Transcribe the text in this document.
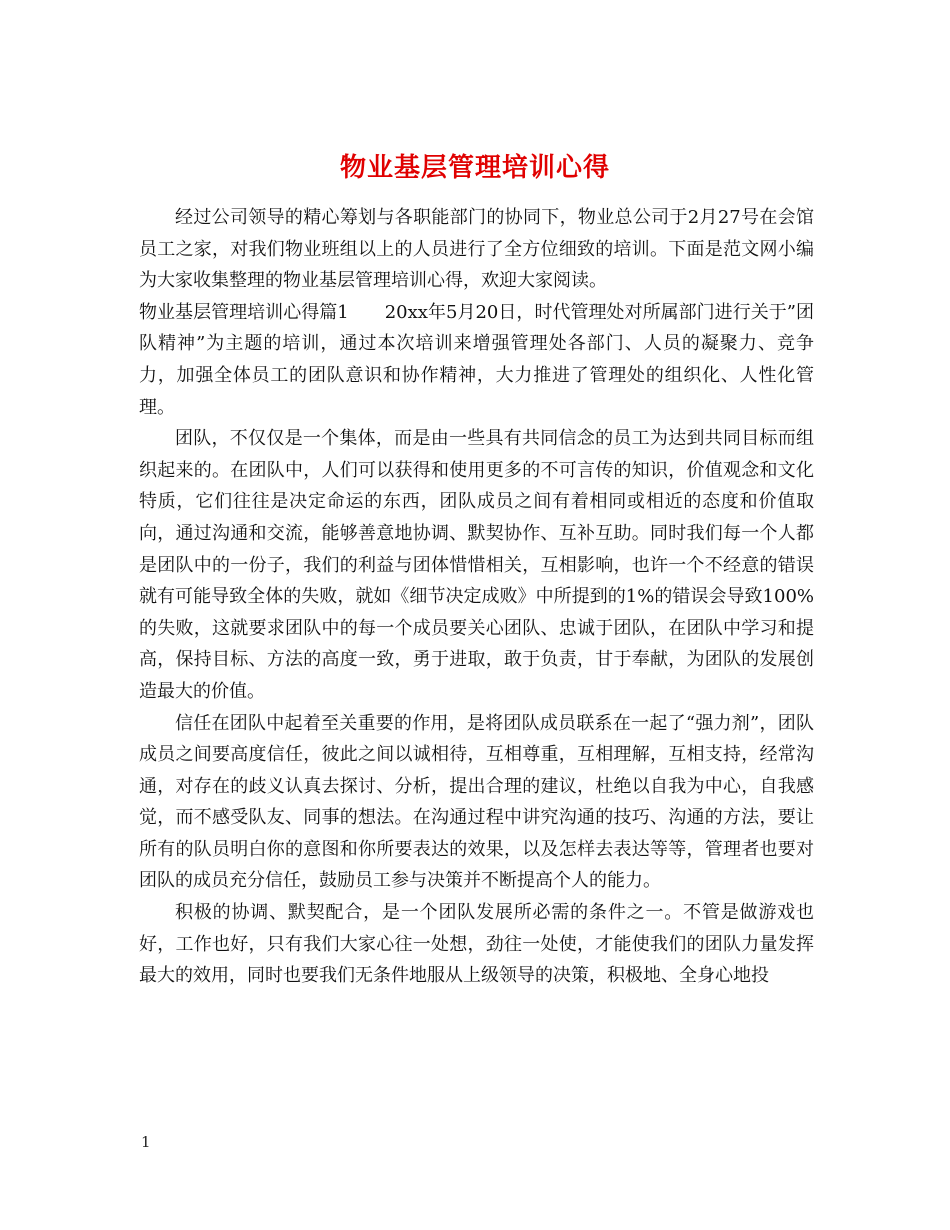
物业基层管理培训心得

经过公司领导的精心筹划与各职能部门的协同下，物业总公司于2月27号在会馆员工之家，对我们物业班组以上的人员进行了全方位细致的培训。下面是范文网小编为大家收集整理的物业基层管理培训心得，欢迎大家阅读。

物业基层管理培训心得篇1 20xx年5月20日，时代管理处对所属部门进行关于”团队精神”为主题的培训，通过本次培训来增强管理处各部门、人员的凝聚力、竞争力，加强全体员工的团队意识和协作精神，大力推进了管理处的组织化、人性化管理。

团队，不仅仅是一个集体，而是由一些具有共同信念的员工为达到共同目标而组织起来的。在团队中，人们可以获得和使用更多的不可言传的知识，价值观念和文化特质，它们往往是决定命运的东西，团队成员之间有着相同或相近的态度和价值取向，通过沟通和交流，能够善意地协调、默契协作、互补互助。同时我们每一个人都是团队中的一份子，我们的利益与团体惜惜相关，互相影响，也许一个不经意的错误就有可能导致全体的失败，就如《细节决定成败》中所提到的1%的错误会导致100%的失败，这就要求团队中的每一个成员要关心团队、忠诚于团队，在团队中学习和提高，保持目标、方法的高度一致，勇于进取，敢于负责，甘于奉献，为团队的发展创造最大的价值。

信任在团队中起着至关重要的作用，是将团队成员联系在一起了“强力剂”，团队成员之间要高度信任，彼此之间以诚相待，互相尊重，互相理解，互相支持，经常沟通，对存在的歧义认真去探讨、分析，提出合理的建议，杜绝以自我为中心，自我感觉，而不感受队友、同事的想法。在沟通过程中讲究沟通的技巧、沟通的方法，要让所有的队员明白你的意图和你所要表达的效果，以及怎样去表达等等，管理者也要对团队的成员充分信任，鼓励员工参与决策并不断提高个人的能力。

积极的协调、默契配合，是一个团队发展所必需的条件之一。不管是做游戏也好，工作也好，只有我们大家心往一处想，劲往一处使，才能使我们的团队力量发挥最大的效用，同时也要我们无条件地服从上级领导的决策，积极地、全身心地投

1
